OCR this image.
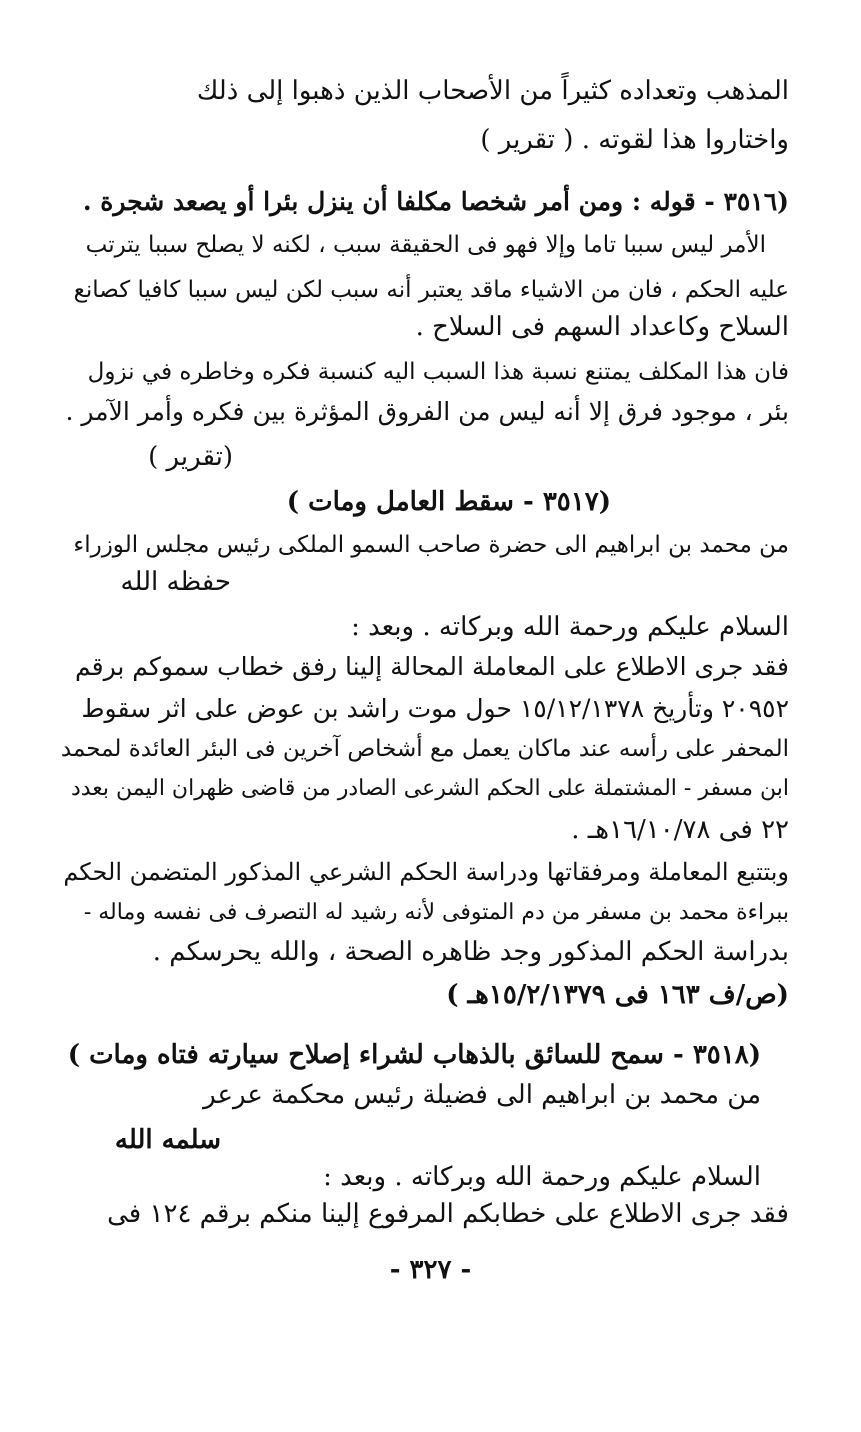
المذهب وتعداده كثيراً من الأصحاب الذين ذهبوا إلى ذلك
واختاروا هذا لقوته . ( تقرير )
(٣٥١٦ - قوله : ومن أمر شخصا مكلفا أن ينزل بئرا أو يصعد شجرة .
الأمر ليس سببا تاما وإلا فهو فى الحقيقة سبب ، لكنه لا يصلح سببا يترتب
عليه الحكم ، فان من الاشياء ماقد يعتبر أنه سبب لكن ليس سببا كافيا كصانع
السلاح وكاعداد السهم فى السلاح .
فان هذا المكلف يمتنع نسبة هذا السبب اليه كنسبة فكره وخاطره في نزول
بئر ، موجود فرق إلا أنه ليس من الفروق المؤثرة بين فكره وأمر الآمر .
(تقرير )
(٣٥١٧ - سقط العامل ومات )
من محمد بن ابراهيم الى حضرة صاحب السمو الملكى رئيس مجلس الوزراء
حفظه الله
السلام عليكم ورحمة الله وبركاته . وبعد :
فقد جرى الاطلاع على المعاملة المحالة إلينا رفق خطاب سموكم برقم
٢٠٩٥٢ وتأريخ ١٥/١٢/١٣٧٨ حول موت راشد بن عوض على اثر سقوط
المحفر على رأسه عند ماكان يعمل مع أشخاص آخرين فى البئر العائدة لمحمد
ابن مسفر - المشتملة على الحكم الشرعى الصادر من قاضى ظهران اليمن بعدد
٢٢ فى ١٦/١٠/٧٨هـ .
وبتتبع المعاملة ومرفقاتها ودراسة الحكم الشرعي المذكور المتضمن الحكم
ببراءة محمد بن مسفر من دم المتوفى لأنه رشيد له التصرف فى نفسه وماله -
بدراسة الحكم المذكور وجد ظاهره الصحة ، والله يحرسكم .
(ص/ف ١٦٣ فى ١٥/٢/١٣٧٩هـ )
(٣٥١٨ - سمح للسائق بالذهاب لشراء إصلاح سيارته فتاه ومات )
من محمد بن ابراهيم الى فضيلة رئيس محكمة عرعر
سلمه الله
السلام عليكم ورحمة الله وبركاته . وبعد :
فقد جرى الاطلاع على خطابكم المرفوع إلينا منكم برقم ١٢٤ فى
- ٣٢٧ -
